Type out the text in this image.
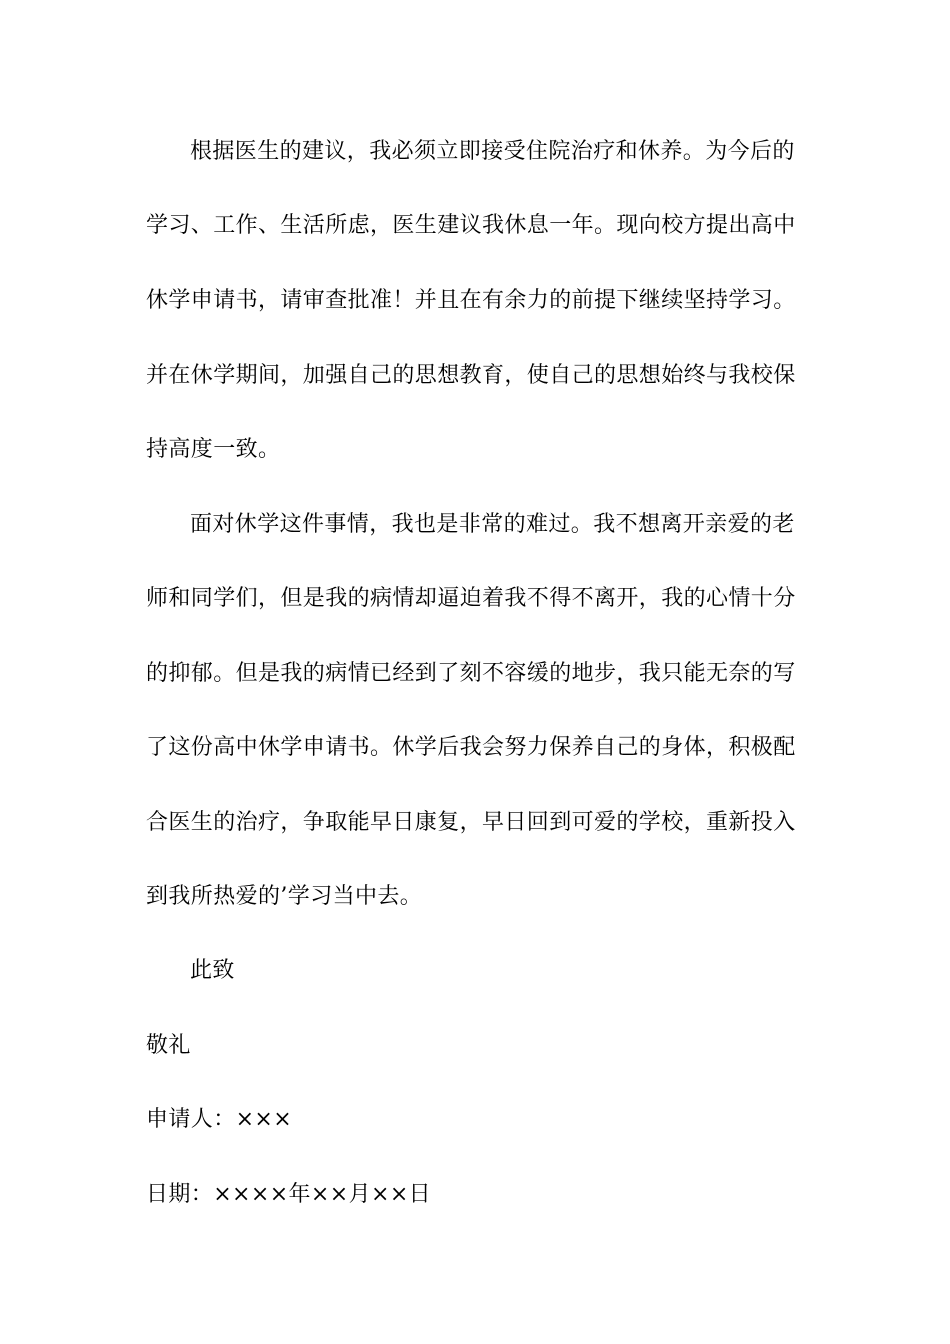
根据医生的建议，我必须立即接受住院治疗和休养。为今后的
学习、工作、生活所虑，医生建议我休息一年。现向校方提出高中
休学申请书，请审查批准！并且在有余力的前提下继续坚持学习。
并在休学期间，加强自己的思想教育，使自己的思想始终与我校保
持高度一致。
面对休学这件事情，我也是非常的难过。我不想离开亲爱的老
师和同学们，但是我的病情却逼迫着我不得不离开，我的心情十分
的抑郁。但是我的病情已经到了刻不容缓的地步，我只能无奈的写
了这份高中休学申请书。休学后我会努力保养自己的身体，积极配
合医生的治疗，争取能早日康复，早日回到可爱的学校，重新投入
到我所热爱的’学习当中去。
此致
敬礼
申请人：×××
日期：××××年××月××日
